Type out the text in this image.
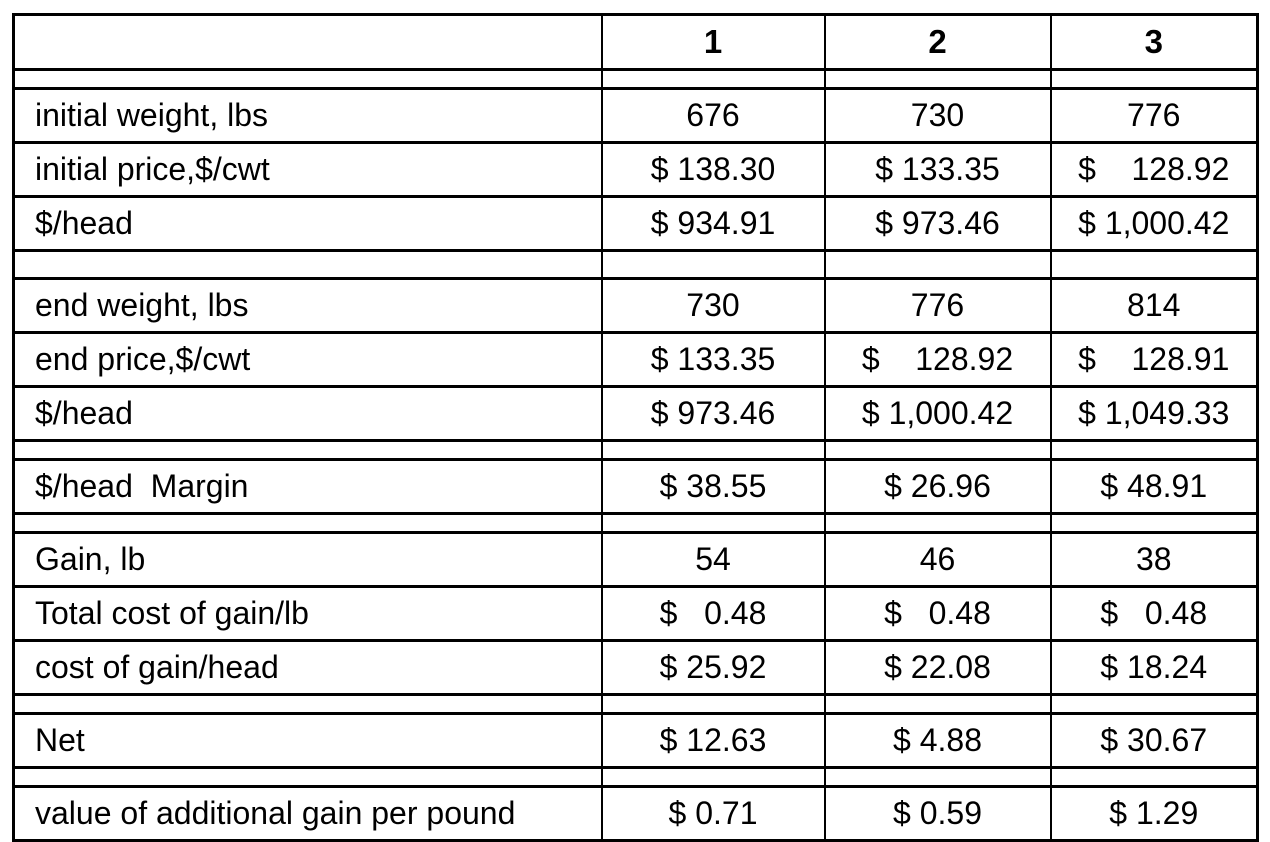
	1	2	3

initial weight, lbs	676	730	776
initial price,$/cwt	$ 138.30	$ 133.35	$    128.92
$/head	$ 934.91	$ 973.46	$ 1,000.42

end weight, lbs	730	776	814
end price,$/cwt	$ 133.35	$    128.92	$    128.91
$/head	$ 973.46	$ 1,000.42	$ 1,049.33

$/head  Margin	$ 38.55	$ 26.96	$ 48.91

Gain, lb	54	46	38
Total cost of gain/lb	$   0.48	$   0.48	$   0.48
cost of gain/head	$ 25.92	$ 22.08	$ 18.24

Net	$ 12.63	$ 4.88	$ 30.67

value of additional gain per pound	$ 0.71	$ 0.59	$ 1.29
